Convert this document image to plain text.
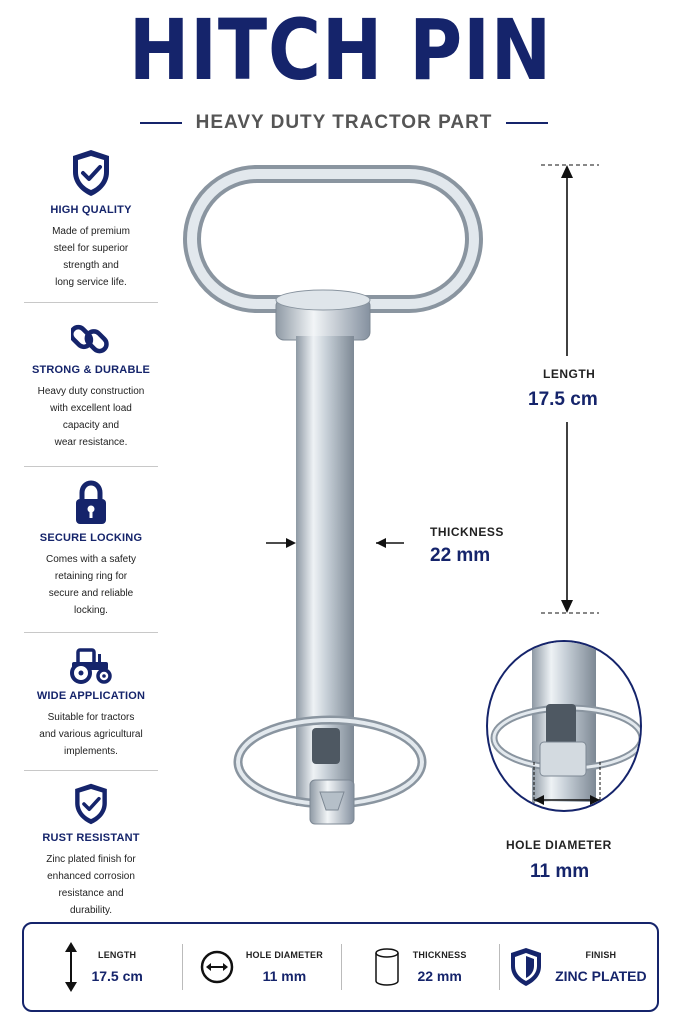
HITCH PIN
HEAVY DUTY TRACTOR PART
HIGH QUALITY
Made of premium
steel for superior
strength and
long service life.
STRONG & DURABLE
Heavy duty construction
with excellent load
capacity and
wear resistance.
SECURE LOCKING
Comes with a safety
retaining ring for
secure and reliable
locking.
WIDE APPLICATION
Suitable for tractors
and various agricultural
implements.
RUST RESISTANT
Zinc plated finish for
enhanced corrosion
resistance and
durability.
LENGTH
17.5 cm
THICKNESS
22 mm
HOLE DIAMETER
11 mm
LENGTH
17.5 cm
HOLE DIAMETER
11 mm
THICKNESS
22 mm
FINISH
ZINC PLATED
